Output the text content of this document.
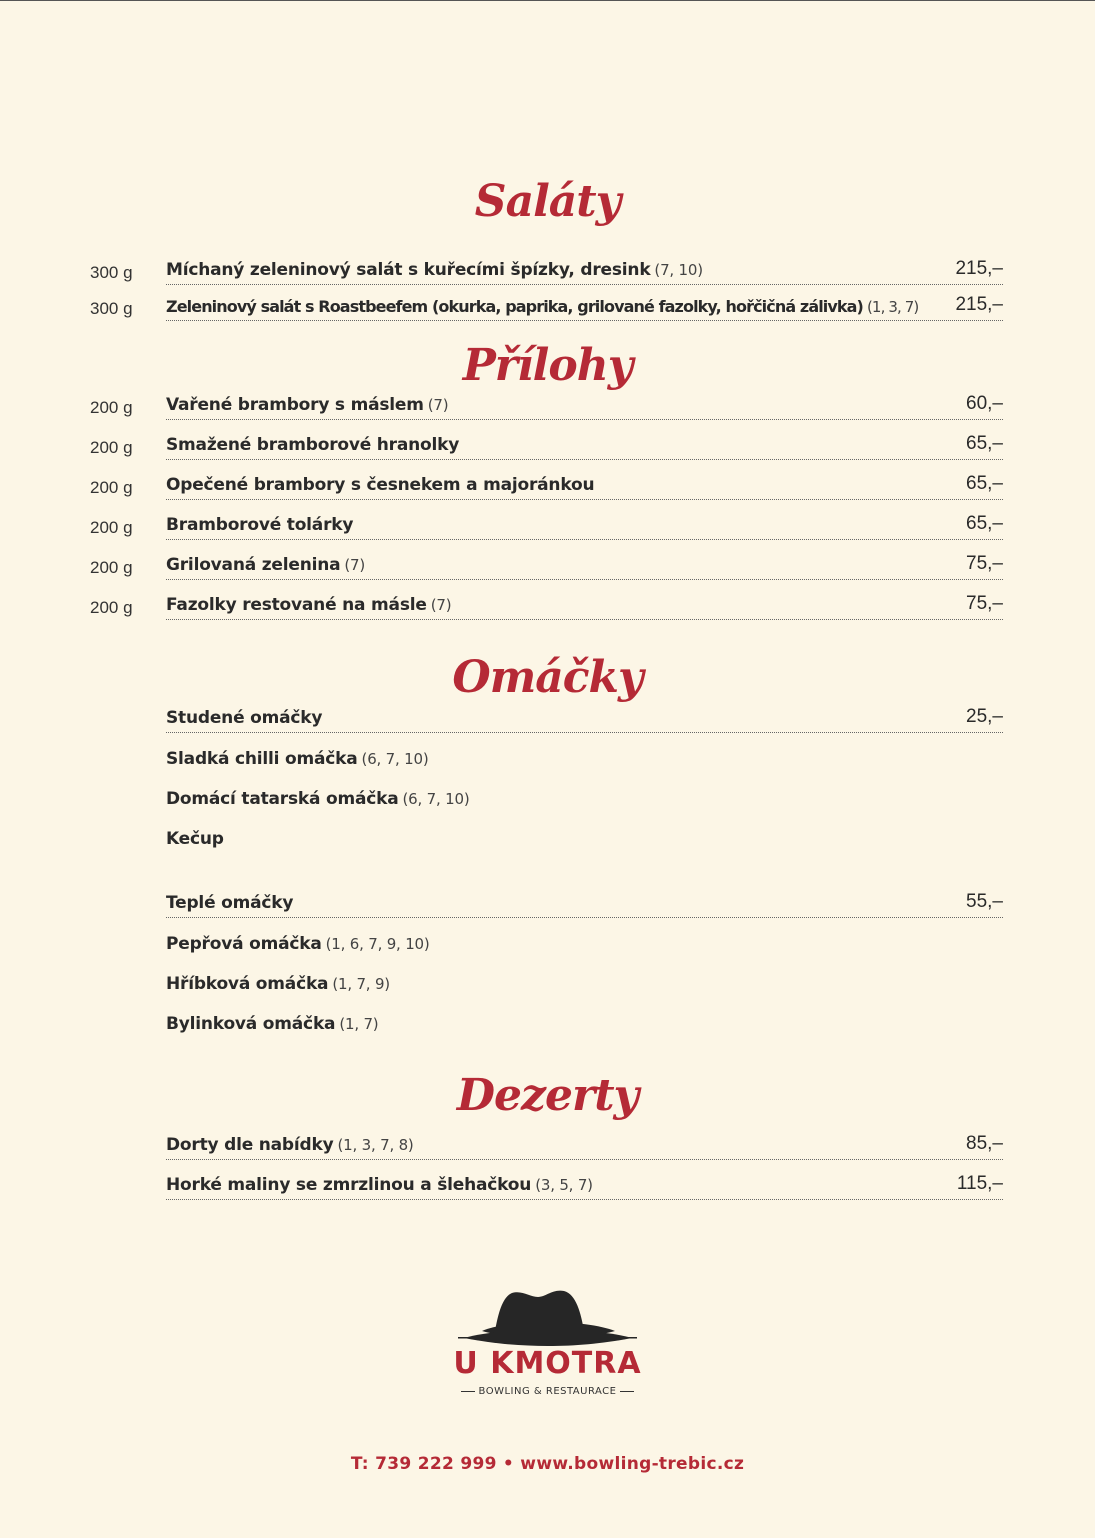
Saláty
300 g Míchaný zeleninový salát s kuřecími špízky, dresink (7, 10)	215,–
300 g Zeleninový salát s Roastbeefem (okurka, paprika, grilované fazolky, hořčičná zálivka) (1, 3, 7) 215,–
Přílohy
200 g Vařené brambory s máslem (7)	60,–
200 g Smažené bramborové hranolky	65,–
200 g Opečené brambory s česnekem a majoránkou	65,–
200 g Bramborové tolárky	65,–
200 g Grilovaná zelenina (7)	75,–
200 g Fazolky restované na másle (7)	75,–
Omáčky
Studené omáčky	25,–
Sladká chilli omáčka (6, 7, 10)
Domácí tatarská omáčka (6, 7, 10)
Kečup
Teplé omáčky	55,–
Pepřová omáčka (1, 6, 7, 9, 10)
Hříbková omáčka (1, 7, 9)
Bylinková omáčka (1, 7)
Dezerty
Dorty dle nabídky (1, 3, 7, 8)	85,–
Horké maliny se zmrzlinou a šlehačkou (3, 5, 7)	115,–
U KMOTRA
BOWLING & RESTAURACE
T: 739 222 999 • www.bowling-trebic.cz
